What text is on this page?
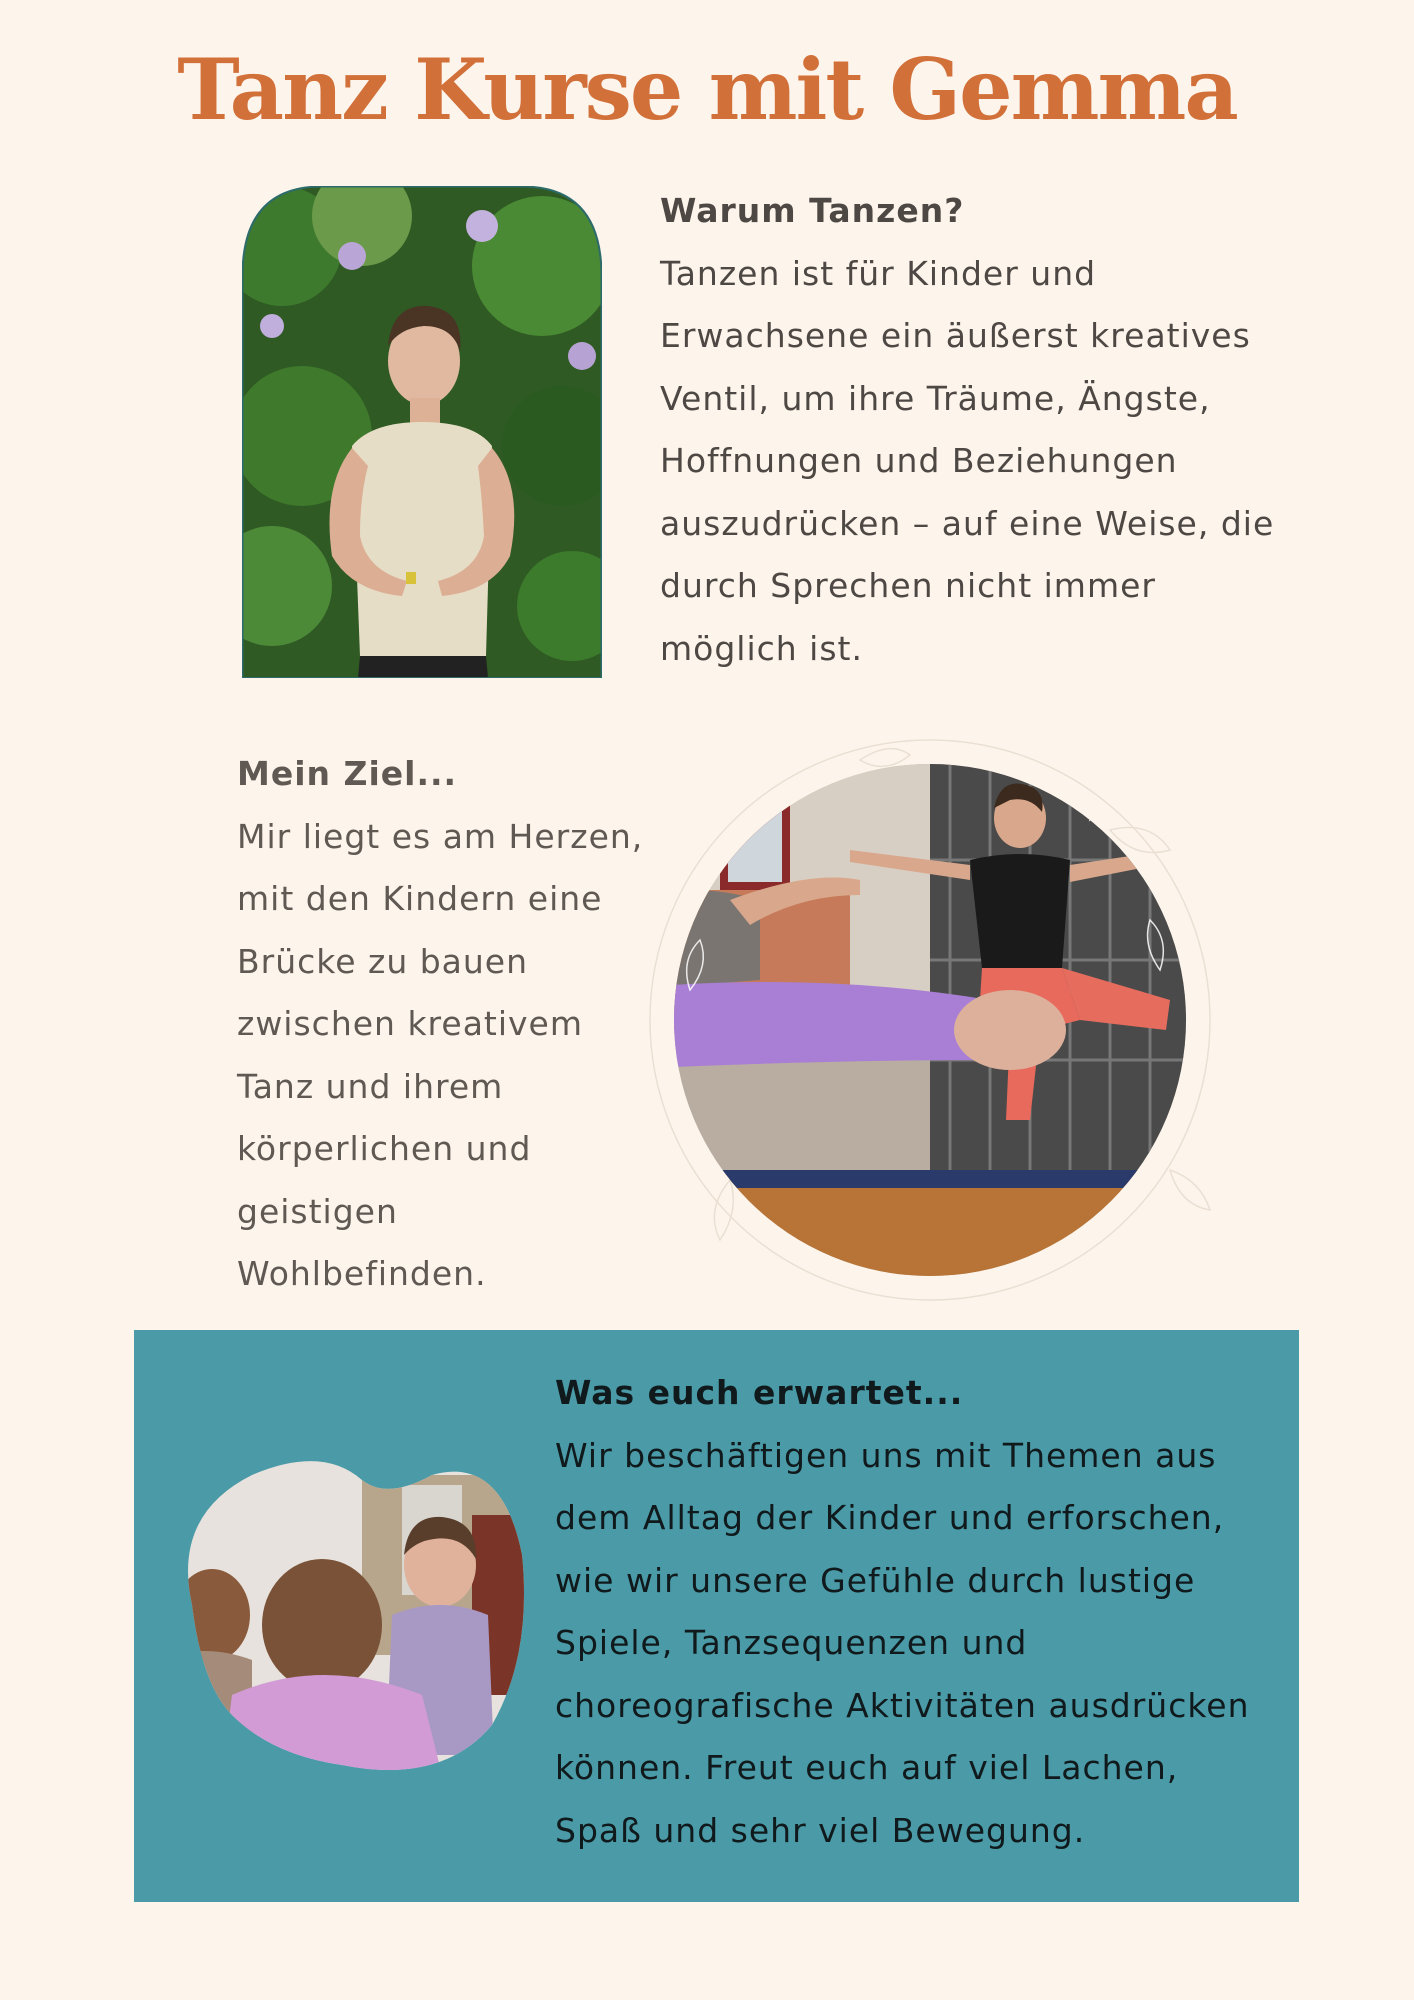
Tanz Kurse mit Gemma
Warum Tanzen?
Tanzen ist für Kinder und Erwachsene ein äußerst kreatives Ventil, um ihre Träume, Ängste, Hoffnungen und Beziehungen auszudrücken – auf eine Weise, die durch Sprechen nicht immer möglich ist.
Mein Ziel...
Mir liegt es am Herzen, mit den Kindern eine Brücke zu bauen zwischen kreativem Tanz und ihrem körperlichen und geistigen Wohlbefinden.
Was euch erwartet...
Wir beschäftigen uns mit Themen aus dem Alltag der Kinder und erforschen, wie wir unsere Gefühle durch lustige Spiele, Tanzsequenzen und choreografische Aktivitäten ausdrücken können. Freut euch auf viel Lachen, Spaß und sehr viel Bewegung.
